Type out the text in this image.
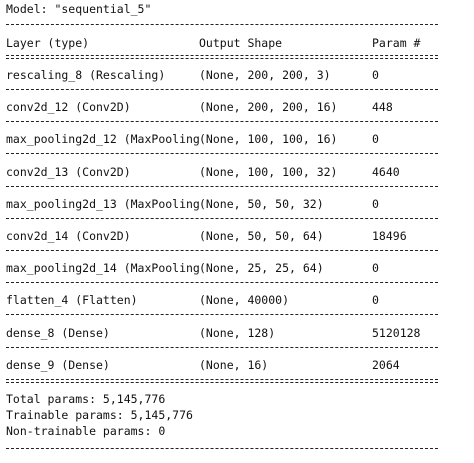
Model: "sequential_5"
Layer (type)	Output Shape	Param #
rescaling_8 (Rescaling)	(None, 200, 200, 3)	0
conv2d_12 (Conv2D)	(None, 200, 200, 16)	448
max_pooling2d_12 (MaxPooling (None, 100, 100, 16)	0
conv2d_13 (Conv2D)	(None, 100, 100, 32)	4640
max_pooling2d_13 (MaxPooling (None, 50, 50, 32)	0
conv2d_14 (Conv2D)	(None, 50, 50, 64)	18496
max_pooling2d_14 (MaxPooling (None, 25, 25, 64)	0
flatten_4 (Flatten)	(None, 40000)	0
dense_8 (Dense)	(None, 128)	5120128
dense_9 (Dense)	(None, 16)	2064
Total params: 5,145,776
Trainable params: 5,145,776
Non-trainable params: 0
